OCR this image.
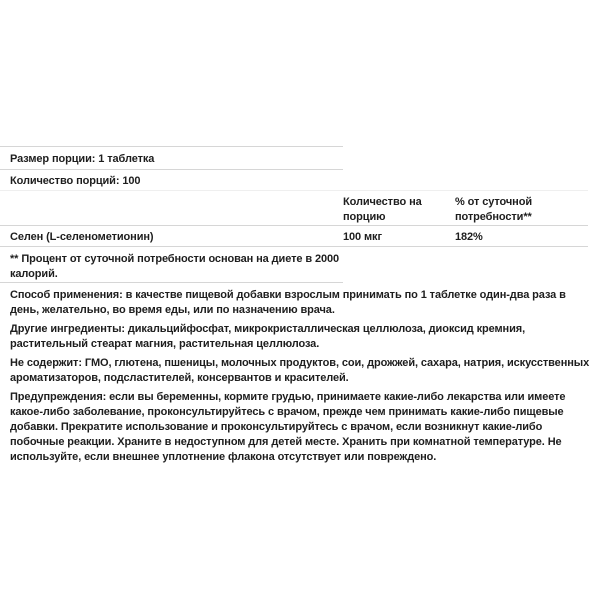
Размер порции: 1 таблетка
Количество порций: 100
Количество на порцию
% от суточной потребности**
Селен (L-селенометионин)	100 мкг	182%
** Процент от суточной потребности основан на диете в 2000 калорий.

Способ применения: в качестве пищевой добавки взрослым принимать по 1 таблетке один-два раза в день, желательно, во время еды, или по назначению врача.

Другие ингредиенты: дикальцийфосфат, микрокристаллическая целлюлоза, диоксид кремния, растительный стеарат магния, растительная целлюлоза.

Не содержит: ГМО, глютена, пшеницы, молочных продуктов, сои, дрожжей, сахара, натрия, искусственных ароматизаторов, подсластителей, консервантов и красителей.

Предупреждения: если вы беременны, кормите грудью, принимаете какие-либо лекарства или имеете какое-либо заболевание, проконсультируйтесь с врачом, прежде чем принимать какие-либо пищевые добавки. Прекратите использование и проконсультируйтесь с врачом, если возникнут какие-либо побочные реакции. Храните в недоступном для детей месте. Хранить при комнатной температуре. Не используйте, если внешнее уплотнение флакона отсутствует или повреждено.
